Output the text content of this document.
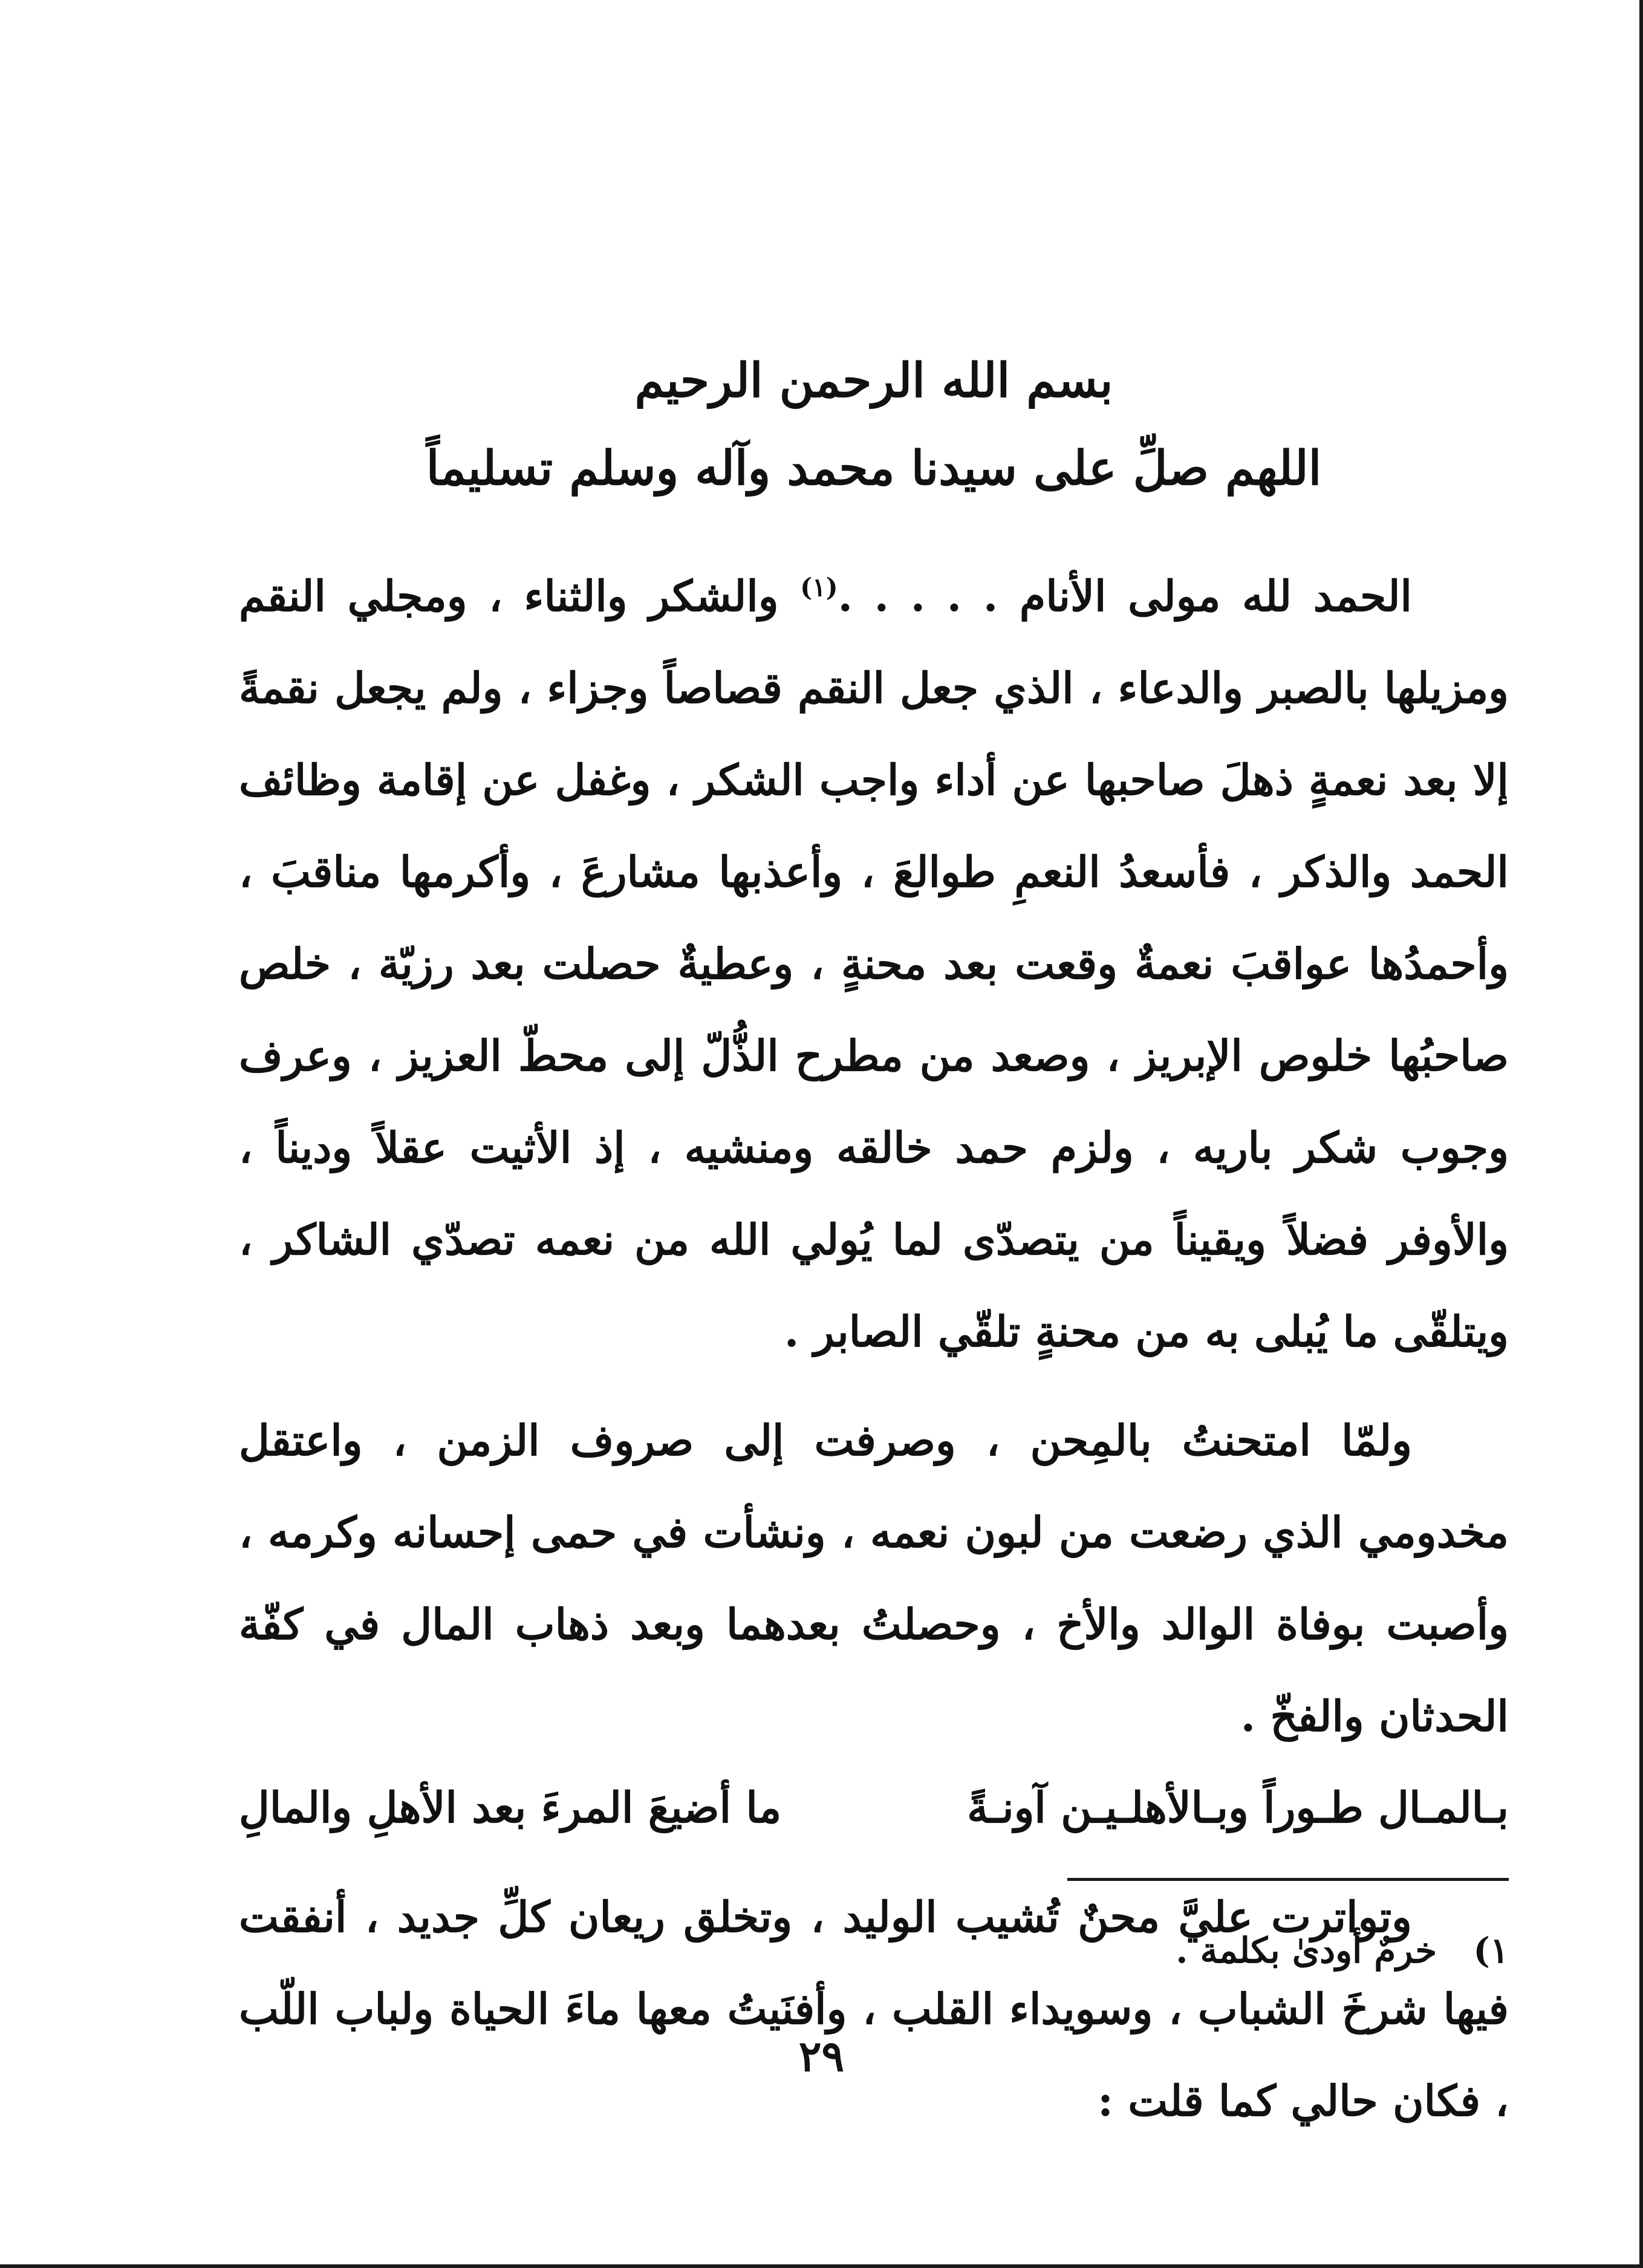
بسم الله الرحمن الرحيم

اللهم صلِّ على سيدنا محمد وآله وسلم تسليماً

الحمد لله مولى الأنام . . . . .$^{(١)}$ والشكر والثناء ، ومجلي النقم ومزيلها بالصبر والدعاء ، الذي جعل النقم قصاصاً وجزاء ، ولم يجعل نقمةً إلا بعد نعمةٍ ذهلَ صاحبها عن أداء واجب الشكر ، وغفل عن إقامة وظائف الحمد والذكر ، فأسعدُ النعمِ طوالعَ ، وأعذبها مشارعَ ، وأكرمها مناقبَ ، وأحمدُها عواقبَ نعمةٌ وقعت بعد محنةٍ ، وعطيةٌ حصلت بعد رزيّة ، خلص صاحبُها خلوص الإبريز ، وصعد من مطرح الذُّلّ إلى محطّ العزيز ، وعرف وجوب شكر باريه ، ولزم حمد خالقه ومنشيه ، إذ الأثيت عقلاً وديناً ، والأوفر فضلاً ويقيناً من يتصدّى لما يُولي الله من نعمه تصدّي الشاكر ، ويتلقّى ما يُبلى به من محنةٍ تلقّي الصابر .

ولمّا امتحنتُ بالمِحن ، وصرفت إلى صروف الزمن ، واعتقل مخدومي الذي رضعت من لبون نعمه ، ونشأت في حمى إحسانه وكرمه ، وأصبت بوفاة الوالد والأخ ، وحصلتُ بعدهما وبعد ذهاب المال في كفّة الحدثان والفخّ .

بـالمـال طـوراً وبـالأهلـيـن آونـةً
ما أضيعَ المرءَ بعد الأهلِ والمالِ

وتواترت عليَّ محنٌ تُشيب الوليد ، وتخلق ريعان كلِّ جديد ، أنفقت فيها شرخَ الشباب ، وسويداء القلب ، وأفنَيتُ معها ماءَ الحياة ولباب اللّب ، فكان حالي كما قلت :

١) خرمٌ أودىٰ بكلمة .
٢٩
